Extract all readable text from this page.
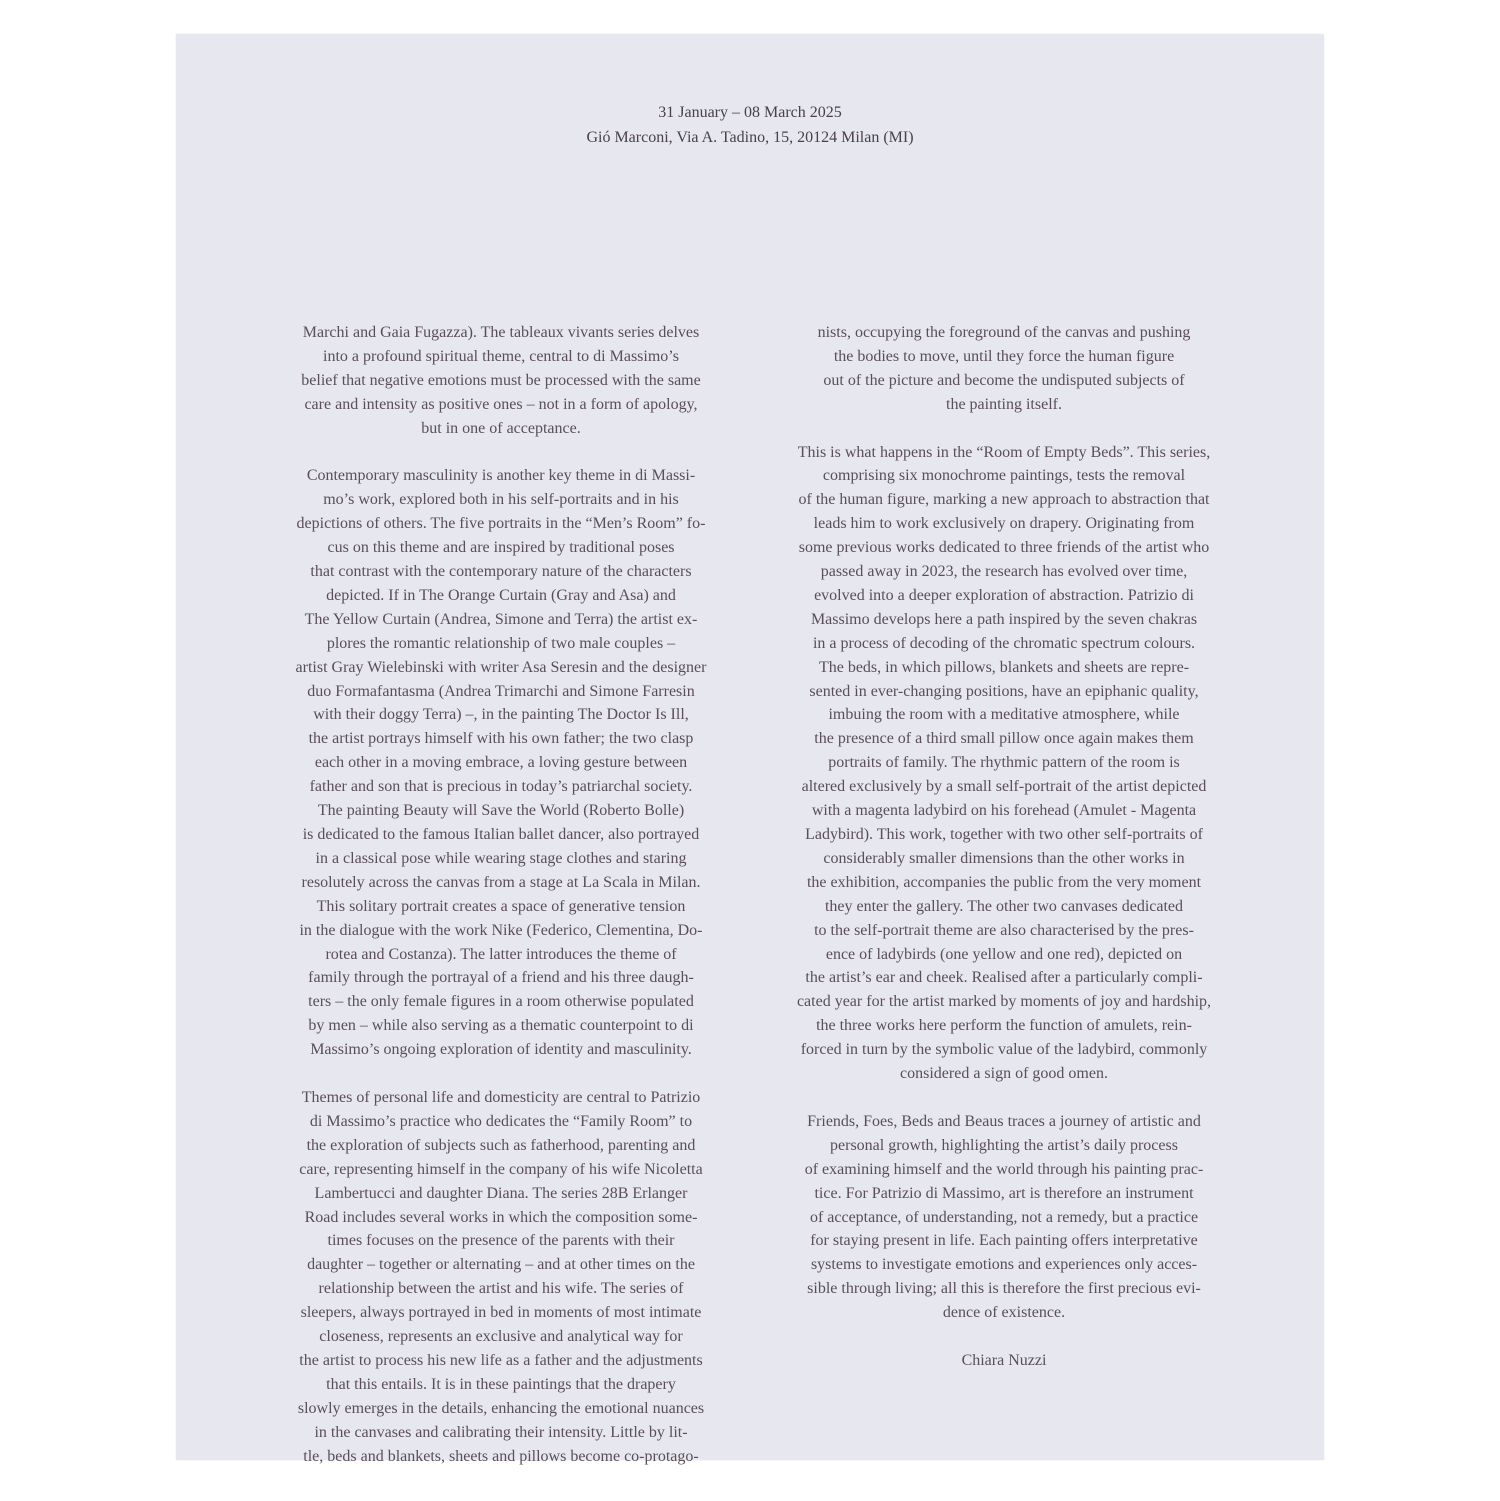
31 January – 08 March 2025
Gió Marconi, Via A. Tadino, 15, 20124 Milan (MI)

Marchi and Gaia Fugazza). The tableaux vivants series delves
into a profound spiritual theme, central to di Massimo’s
belief that negative emotions must be processed with the same
care and intensity as positive ones – not in a form of apology,
but in one of acceptance.

Contemporary masculinity is another key theme in di Massi-
mo’s work, explored both in his self-portraits and in his
depictions of others. The five portraits in the “Men’s Room” fo-
cus on this theme and are inspired by traditional poses
that contrast with the contemporary nature of the characters
depicted. If in The Orange Curtain (Gray and Asa) and
The Yellow Curtain (Andrea, Simone and Terra) the artist ex-
plores the romantic relationship of two male couples –
artist Gray Wielebinski with writer Asa Seresin and the designer
duo Formafantasma (Andrea Trimarchi and Simone Farresin
with their doggy Terra) –, in the painting The Doctor Is Ill,
the artist portrays himself with his own father; the two clasp
each other in a moving embrace, a loving gesture between
father and son that is precious in today’s patriarchal society.
The painting Beauty will Save the World (Roberto Bolle)
is dedicated to the famous Italian ballet dancer, also portrayed
in a classical pose while wearing stage clothes and staring
resolutely across the canvas from a stage at La Scala in Milan.
This solitary portrait creates a space of generative tension
in the dialogue with the work Nike (Federico, Clementina, Do-
rotea and Costanza). The latter introduces the theme of
family through the portrayal of a friend and his three daugh-
ters – the only female figures in a room otherwise populated
by men – while also serving as a thematic counterpoint to di
Massimo’s ongoing exploration of identity and masculinity.

Themes of personal life and domesticity are central to Patrizio
di Massimo’s practice who dedicates the “Family Room” to
the exploration of subjects such as fatherhood, parenting and
care, representing himself in the company of his wife Nicoletta
Lambertucci and daughter Diana. The series 28B Erlanger
Road includes several works in which the composition some-
times focuses on the presence of the parents with their
daughter – together or alternating – and at other times on the
relationship between the artist and his wife. The series of
sleepers, always portrayed in bed in moments of most intimate
closeness, represents an exclusive and analytical way for
the artist to process his new life as a father and the adjustments
that this entails. It is in these paintings that the drapery
slowly emerges in the details, enhancing the emotional nuances
in the canvases and calibrating their intensity. Little by lit-
tle, beds and blankets, sheets and pillows become co-protago-

nists, occupying the foreground of the canvas and pushing
the bodies to move, until they force the human figure
out of the picture and become the undisputed subjects of
the painting itself.

This is what happens in the “Room of Empty Beds”. This series,
comprising six monochrome paintings, tests the removal
of the human figure, marking a new approach to abstraction that
leads him to work exclusively on drapery. Originating from
some previous works dedicated to three friends of the artist who
passed away in 2023, the research has evolved over time,
evolved into a deeper exploration of abstraction. Patrizio di
Massimo develops here a path inspired by the seven chakras
in a process of decoding of the chromatic spectrum colours.
The beds, in which pillows, blankets and sheets are repre-
sented in ever-changing positions, have an epiphanic quality,
imbuing the room with a meditative atmosphere, while
the presence of a third small pillow once again makes them
portraits of family. The rhythmic pattern of the room is
altered exclusively by a small self-portrait of the artist depicted
with a magenta ladybird on his forehead (Amulet - Magenta
Ladybird). This work, together with two other self-portraits of
considerably smaller dimensions than the other works in
the exhibition, accompanies the public from the very moment
they enter the gallery. The other two canvases dedicated
to the self-portrait theme are also characterised by the pres-
ence of ladybirds (one yellow and one red), depicted on
the artist’s ear and cheek. Realised after a particularly compli-
cated year for the artist marked by moments of joy and hardship,
the three works here perform the function of amulets, rein-
forced in turn by the symbolic value of the ladybird, commonly
considered a sign of good omen.

Friends, Foes, Beds and Beaus traces a journey of artistic and
personal growth, highlighting the artist’s daily process
of examining himself and the world through his painting prac-
tice. For Patrizio di Massimo, art is therefore an instrument
of acceptance, of understanding, not a remedy, but a practice
for staying present in life. Each painting offers interpretative
systems to investigate emotions and experiences only acces-
sible through living; all this is therefore the first precious evi-
dence of existence.

Chiara Nuzzi
